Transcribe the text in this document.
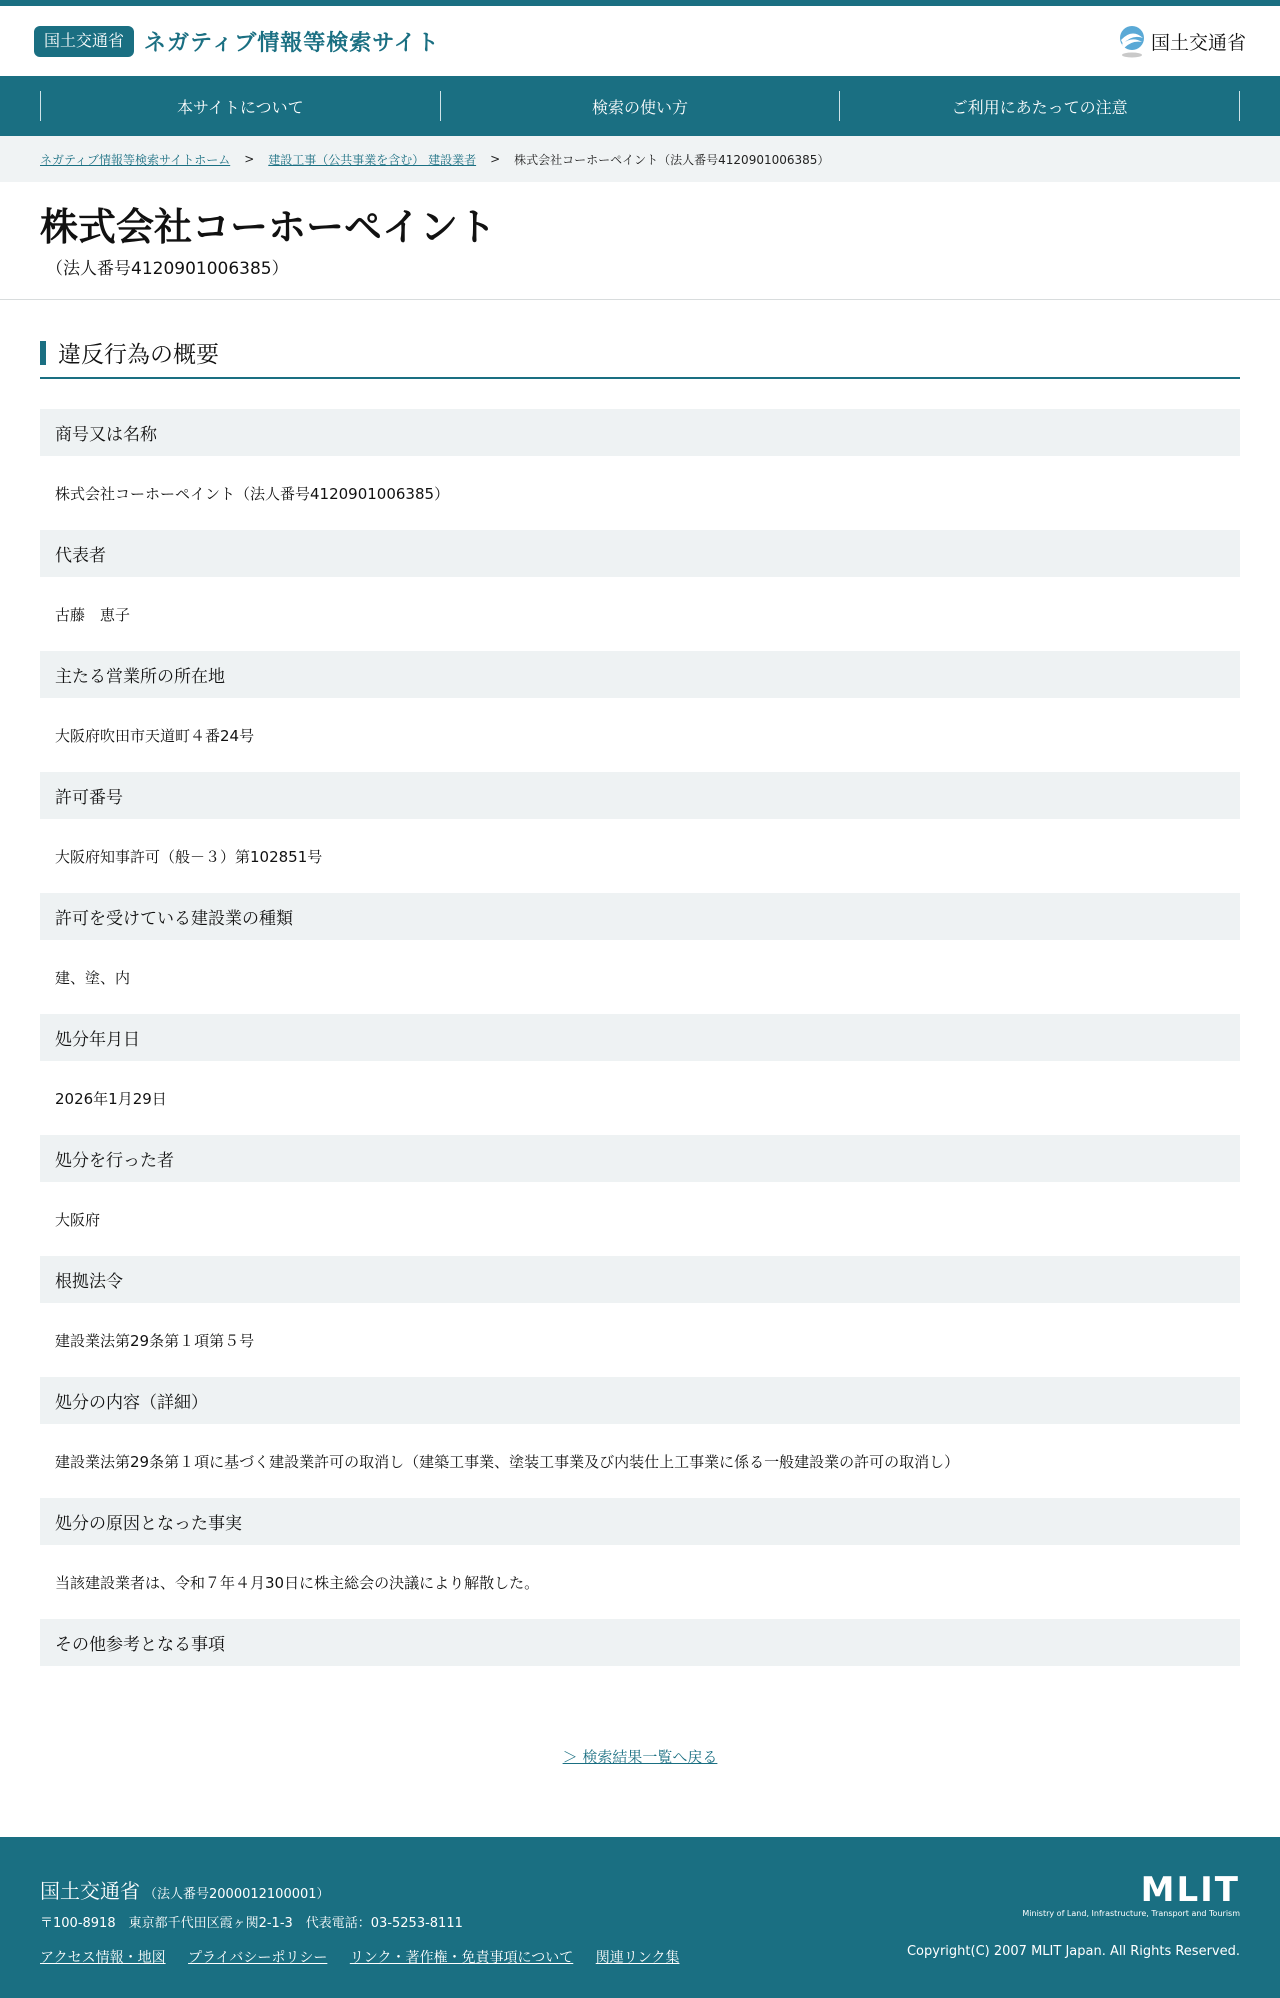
国土交通省 ネガティブ情報等検索サイト	国土交通省
本サイトについて	検索の使い方	ご利用にあたっての注意
ネガティブ情報等検索サイトホーム > 建設工事（公共事業を含む） 建設業者 > 株式会社コーホーペイント（法人番号4120901006385）
株式会社コーホーペイント
（法人番号4120901006385）
違反行為の概要
商号又は名称
株式会社コーホーペイント（法人番号4120901006385）
代表者
古藤　恵子
主たる営業所の所在地
大阪府吹田市天道町４番24号
許可番号
大阪府知事許可（般－３）第102851号
許可を受けている建設業の種類
建、塗、内
処分年月日
2026年1月29日
処分を行った者
大阪府
根拠法令
建設業法第29条第１項第５号
処分の内容（詳細）
建設業法第29条第１項に基づく建設業許可の取消し（建築工事業、塗装工事業及び内装仕上工事業に係る一般建設業の許可の取消し）
処分の原因となった事実
当該建設業者は、令和７年４月30日に株主総会の決議により解散した。
その他参考となる事項
＞ 検索結果一覧へ戻る
国土交通省 （法人番号2000012100001）
〒100-8918　東京都千代田区霞ヶ関2-1-3　代表電話：03-5253-8111
アクセス情報・地図 プライバシーポリシー リンク・著作権・免責事項について 関連リンク集
MLIT
Ministry of Land, Infrastructure, Transport and Tourism
Copyright(C) 2007 MLIT Japan. All Rights Reserved.
